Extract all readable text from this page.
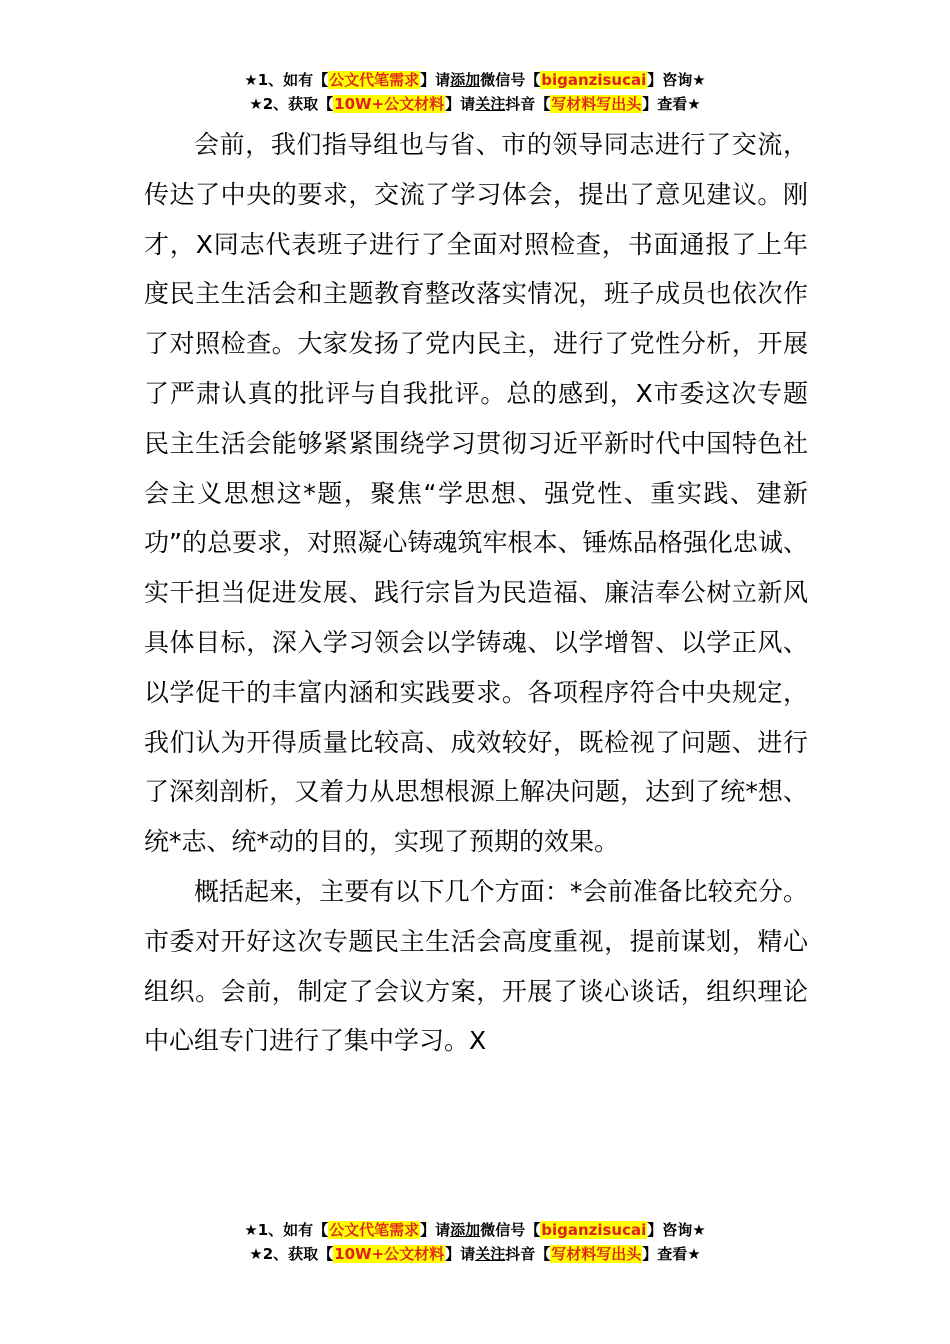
★1、如有【公文代笔需求】请添加微信号【biganzisucai】咨询★
★2、获取【10W+公文材料】请关注抖音【写材料写出头】查看★

会前，我们指导组也与省、市的领导同志进行了交流，传达了中央的要求，交流了学习体会，提出了意见建议。刚才，X同志代表班子进行了全面对照检查，书面通报了上年度民主生活会和主题教育整改落实情况，班子成员也依次作了对照检查。大家发扬了党内民主，进行了党性分析，开展了严肃认真的批评与自我批评。总的感到，X市委这次专题民主生活会能够紧紧围绕学习贯彻习近平新时代中国特色社会主义思想这*题，聚焦“学思想、强党性、重实践、建新功”的总要求，对照凝心铸魂筑牢根本、锤炼品格强化忠诚、实干担当促进发展、践行宗旨为民造福、廉洁奉公树立新风具体目标，深入学习领会以学铸魂、以学增智、以学正风、以学促干的丰富内涵和实践要求。各项程序符合中央规定，我们认为开得质量比较高、成效较好，既检视了问题、进行了深刻剖析，又着力从思想根源上解决问题，达到了统*想、统*志、统*动的目的，实现了预期的效果。

概括起来，主要有以下几个方面：*会前准备比较充分。市委对开好这次专题民主生活会高度重视，提前谋划，精心组织。会前，制定了会议方案，开展了谈心谈话，组织理论中心组专门进行了集中学习。X

★1、如有【公文代笔需求】请添加微信号【biganzisucai】咨询★
★2、获取【10W+公文材料】请关注抖音【写材料写出头】查看★
